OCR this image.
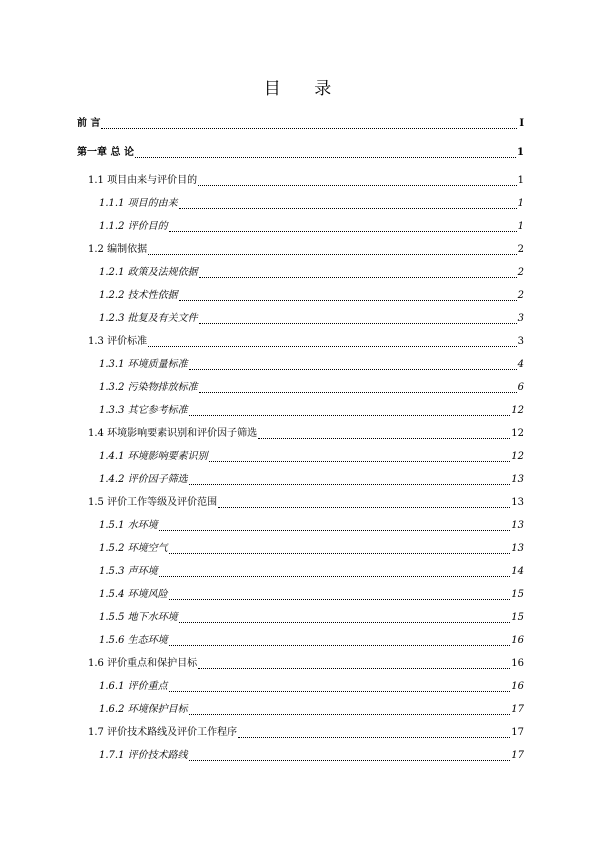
目 录
前 言	I
第一章 总 论	1
1.1 项目由来与评价目的	1
1.1.1 项目的由来	1
1.1.2 评价目的	1
1.2 编制依据	2
1.2.1 政策及法规依据	2
1.2.2 技术性依据	2
1.2.3 批复及有关文件	3
1.3 评价标准	3
1.3.1 环境质量标准	4
1.3.2 污染物排放标准	6
1.3.3 其它参考标准	12
1.4 环境影响要素识别和评价因子筛选	12
1.4.1 环境影响要素识别	12
1.4.2 评价因子筛选	13
1.5 评价工作等级及评价范围	13
1.5.1 水环境	13
1.5.2 环境空气	13
1.5.3 声环境	14
1.5.4 环境风险	15
1.5.5 地下水环境	15
1.5.6 生态环境	16
1.6 评价重点和保护目标	16
1.6.1 评价重点	16
1.6.2 环境保护目标	17
1.7 评价技术路线及评价工作程序	17
1.7.1 评价技术路线	17
